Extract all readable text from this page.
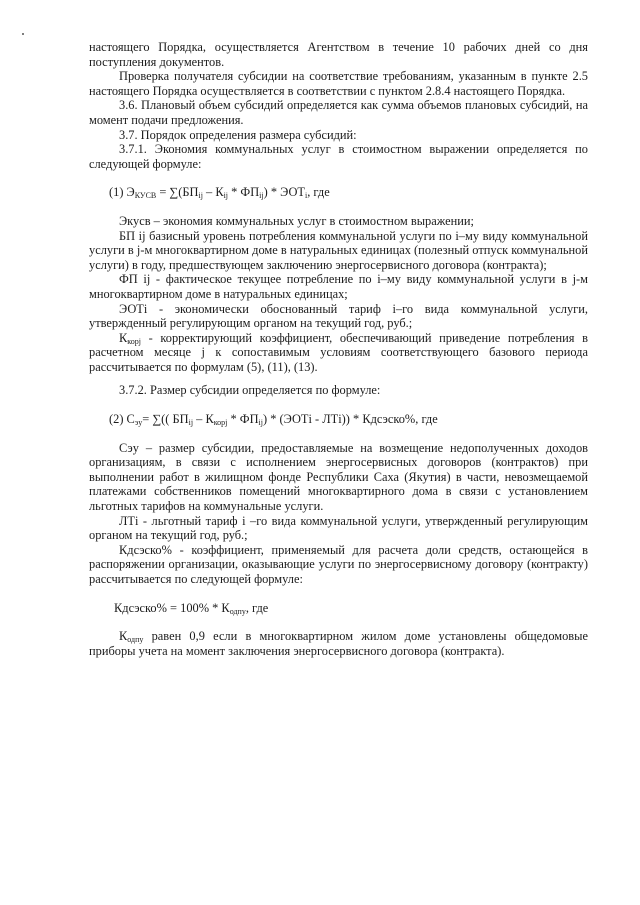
настоящего Порядка, осуществляется Агентством в течение 10 рабочих дней со дня поступления документов.

Проверка получателя субсидии на соответствие требованиям, указанным в пункте 2.5 настоящего Порядка осуществляется в соответствии с пунктом 2.8.4 настоящего Порядка.

3.6. Плановый объем субсидий определяется как сумма объемов плановых субсидий, на момент подачи предложения.

3.7. Порядок определения размера субсидий:

3.7.1. Экономия коммунальных услуг в стоимостном выражении определяется по следующей формуле:

(1) $Э_{КУСВ} = \sum(БП_{ij} - К_{ij} * ФП_{ij}) * ЭОТ_i$, где

Экусв – экономия коммунальных услуг в стоимостном выражении;

БП ij базисный уровень потребления коммунальной услуги по i–му виду коммунальной услуги в j-м многоквартирном доме в натуральных единицах (полезный отпуск коммунальной услуги) в году, предшествующем заключению энергосервисного договора (контракта);

ФП ij - фактическое текущее потребление по i–му виду коммунальной услуги в j-м многоквартирном доме в натуральных единицах;

ЭОТi - экономически обоснованный тариф i–го вида коммунальной услуги, утвержденный регулирующим органом на текущий год, руб.;

$К_{корj}$ - корректирующий коэффициент, обеспечивающий приведение потребления в расчетном месяце j к сопоставимым условиям соответствующего базового периода рассчитывается по формулам (5), (11), (13).

3.7.2. Размер субсидии определяется по формуле:

(2) $С_{эу}=$ ∑(( $БП_{ij} - К_{корj} * ФП_{ij}$) * (ЭОТi - ЛТi)) * Кдсэско%, где

Сэу – размер субсидии, предоставляемые на возмещение недополученных доходов организациям, в связи с исполнением энергосервисных договоров (контрактов) при выполнении работ в жилищном фонде Республики Саха (Якутия) в части, невозмещаемой платежами собственников помещений многоквартирного дома в связи с установлением льготных тарифов на коммунальные услуги.

ЛТi - льготный тариф i –го вида коммунальной услуги, утвержденный регулирующим органом на текущий год, руб.;

Кдсэско% - коэффициент, применяемый для расчета доли средств, остающейся в распоряжении организации, оказывающие услуги по энергосервисному договору (контракту) рассчитывается по следующей формуле:

Кдсэско% = $100\% * К_{одпу}$, где

$К_{одпу}$ равен 0,9 если в многоквартирном жилом доме установлены общедомовые приборы учета на момент заключения энергосервисного договора (контракта).
